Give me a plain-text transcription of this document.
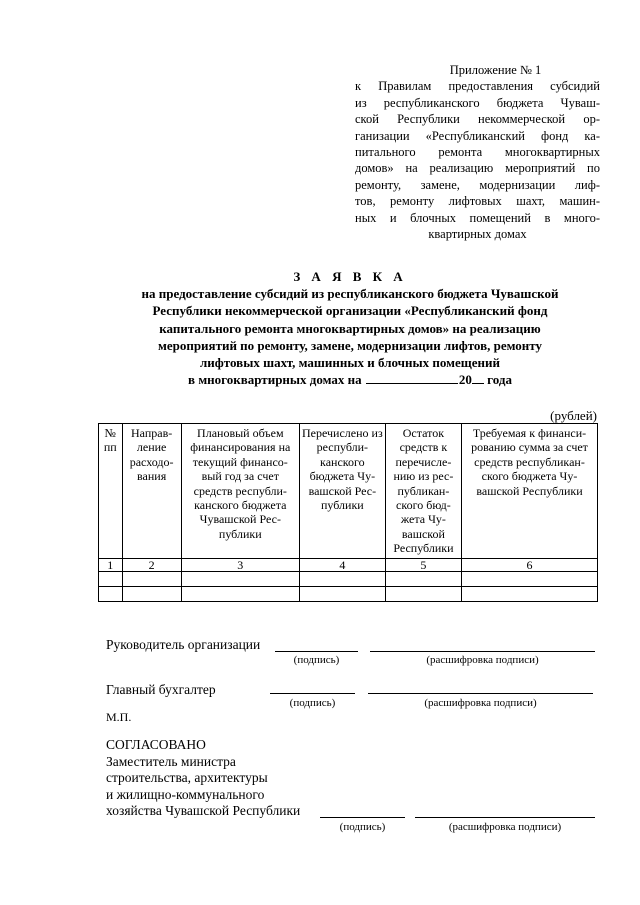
Приложение № 1
к Правилам предоставления субсидий
из республиканского бюджета Чуваш-
ской Республики некоммерческой ор-
ганизации «Республиканский фонд ка-
питального ремонта многоквартирных
домов» на реализацию мероприятий по
ремонту, замене, модернизации лиф-
тов, ремонту лифтовых шахт, машин-
ных и блочных помещений в много-
квартирных домах
З А Я В К А
на предоставление субсидий из республиканского бюджета Чувашской
Республики некоммерческой организации «Республиканский фонд
капитального ремонта многоквартирных домов» на реализацию
мероприятий по ремонту, замене, модернизации лифтов, ремонту
лифтовых шахт, машинных и блочных помещений
в многоквартирных домах на	20 года
(рублей)
№ пп	Направ-ление расходо-вания	Плановый объем финансирования на текущий финансо-вый год за счет средств республи-канского бюджета Чувашской Рес-публики	Перечислено из республи-канского бюджета Чу-вашской Рес-публики	Остаток средств к перечисле-нию из рес-публикан-ского бюд-жета Чу-вашской Республики	Требуемая к финанси-рованию сумма за счет средств республикан-ского бюджета Чу-вашской Республики
1	2	3	4	5	6

Руководитель организации
(подпись)	(расшифровка подписи)
Главный бухгалтер
(подпись)	(расшифровка подписи)
М.П.
СОГЛАСОВАНО
Заместитель министра
строительства, архитектуры
и жилищно-коммунального
хозяйства Чувашской Республики
(подпись)	(расшифровка подписи)
